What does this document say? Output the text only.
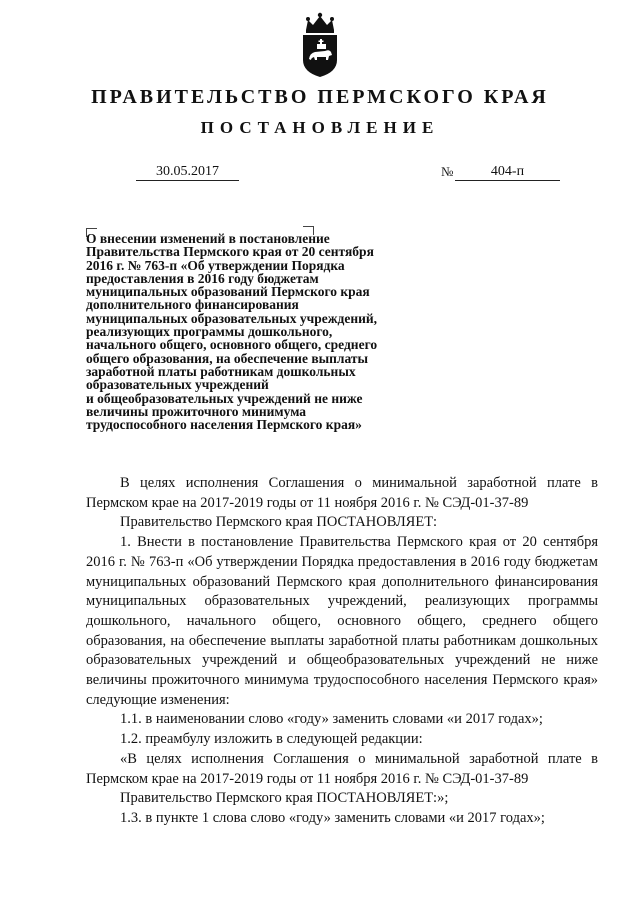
ПРАВИТЕЛЬСТВО ПЕРМСКОГО КРАЯ
ПОСТАНОВЛЕНИЕ
30.05.2017	№	404-п
О внесении изменений в постановление
Правительства Пермского края от 20 сентября
2016 г. № 763-п «Об утверждении Порядка
предоставления в 2016 году бюджетам
муниципальных образований Пермского края
дополнительного финансирования
муниципальных образовательных учреждений,
реализующих программы дошкольного,
начального общего, основного общего, среднего
общего образования, на обеспечение выплаты
заработной платы работникам дошкольных
образовательных учреждений
и общеобразовательных учреждений не ниже
величины прожиточного минимума
трудоспособного населения Пермского края»

В целях исполнения Соглашения о минимальной заработной плате в Пермском крае на 2017-2019 годы от 11 ноября 2016 г. № СЭД-01-37-89

Правительство Пермского края ПОСТАНОВЛЯЕТ:

1. Внести в постановление Правительства Пермского края от 20 сентября 2016 г. № 763-п «Об утверждении Порядка предоставления в 2016 году бюджетам муниципальных образований Пермского края дополнительного финансирования муниципальных образовательных учреждений, реализующих программы дошкольного, начального общего, основного общего, среднего общего образования, на обеспечение выплаты заработной платы работникам дошкольных образовательных учреждений и общеобразовательных учреждений не ниже величины прожиточного минимума трудоспособного населения Пермского края» следующие изменения:

1.1. в наименовании слово «году» заменить словами «и 2017 годах»;

1.2. преамбулу изложить в следующей редакции:

«В целях исполнения Соглашения о минимальной заработной плате в Пермском крае на 2017-2019 годы от 11 ноября 2016 г. № СЭД-01-37-89

Правительство Пермского края ПОСТАНОВЛЯЕТ:»;

1.3. в пункте 1 слова слово «году» заменить словами «и 2017 годах»;
